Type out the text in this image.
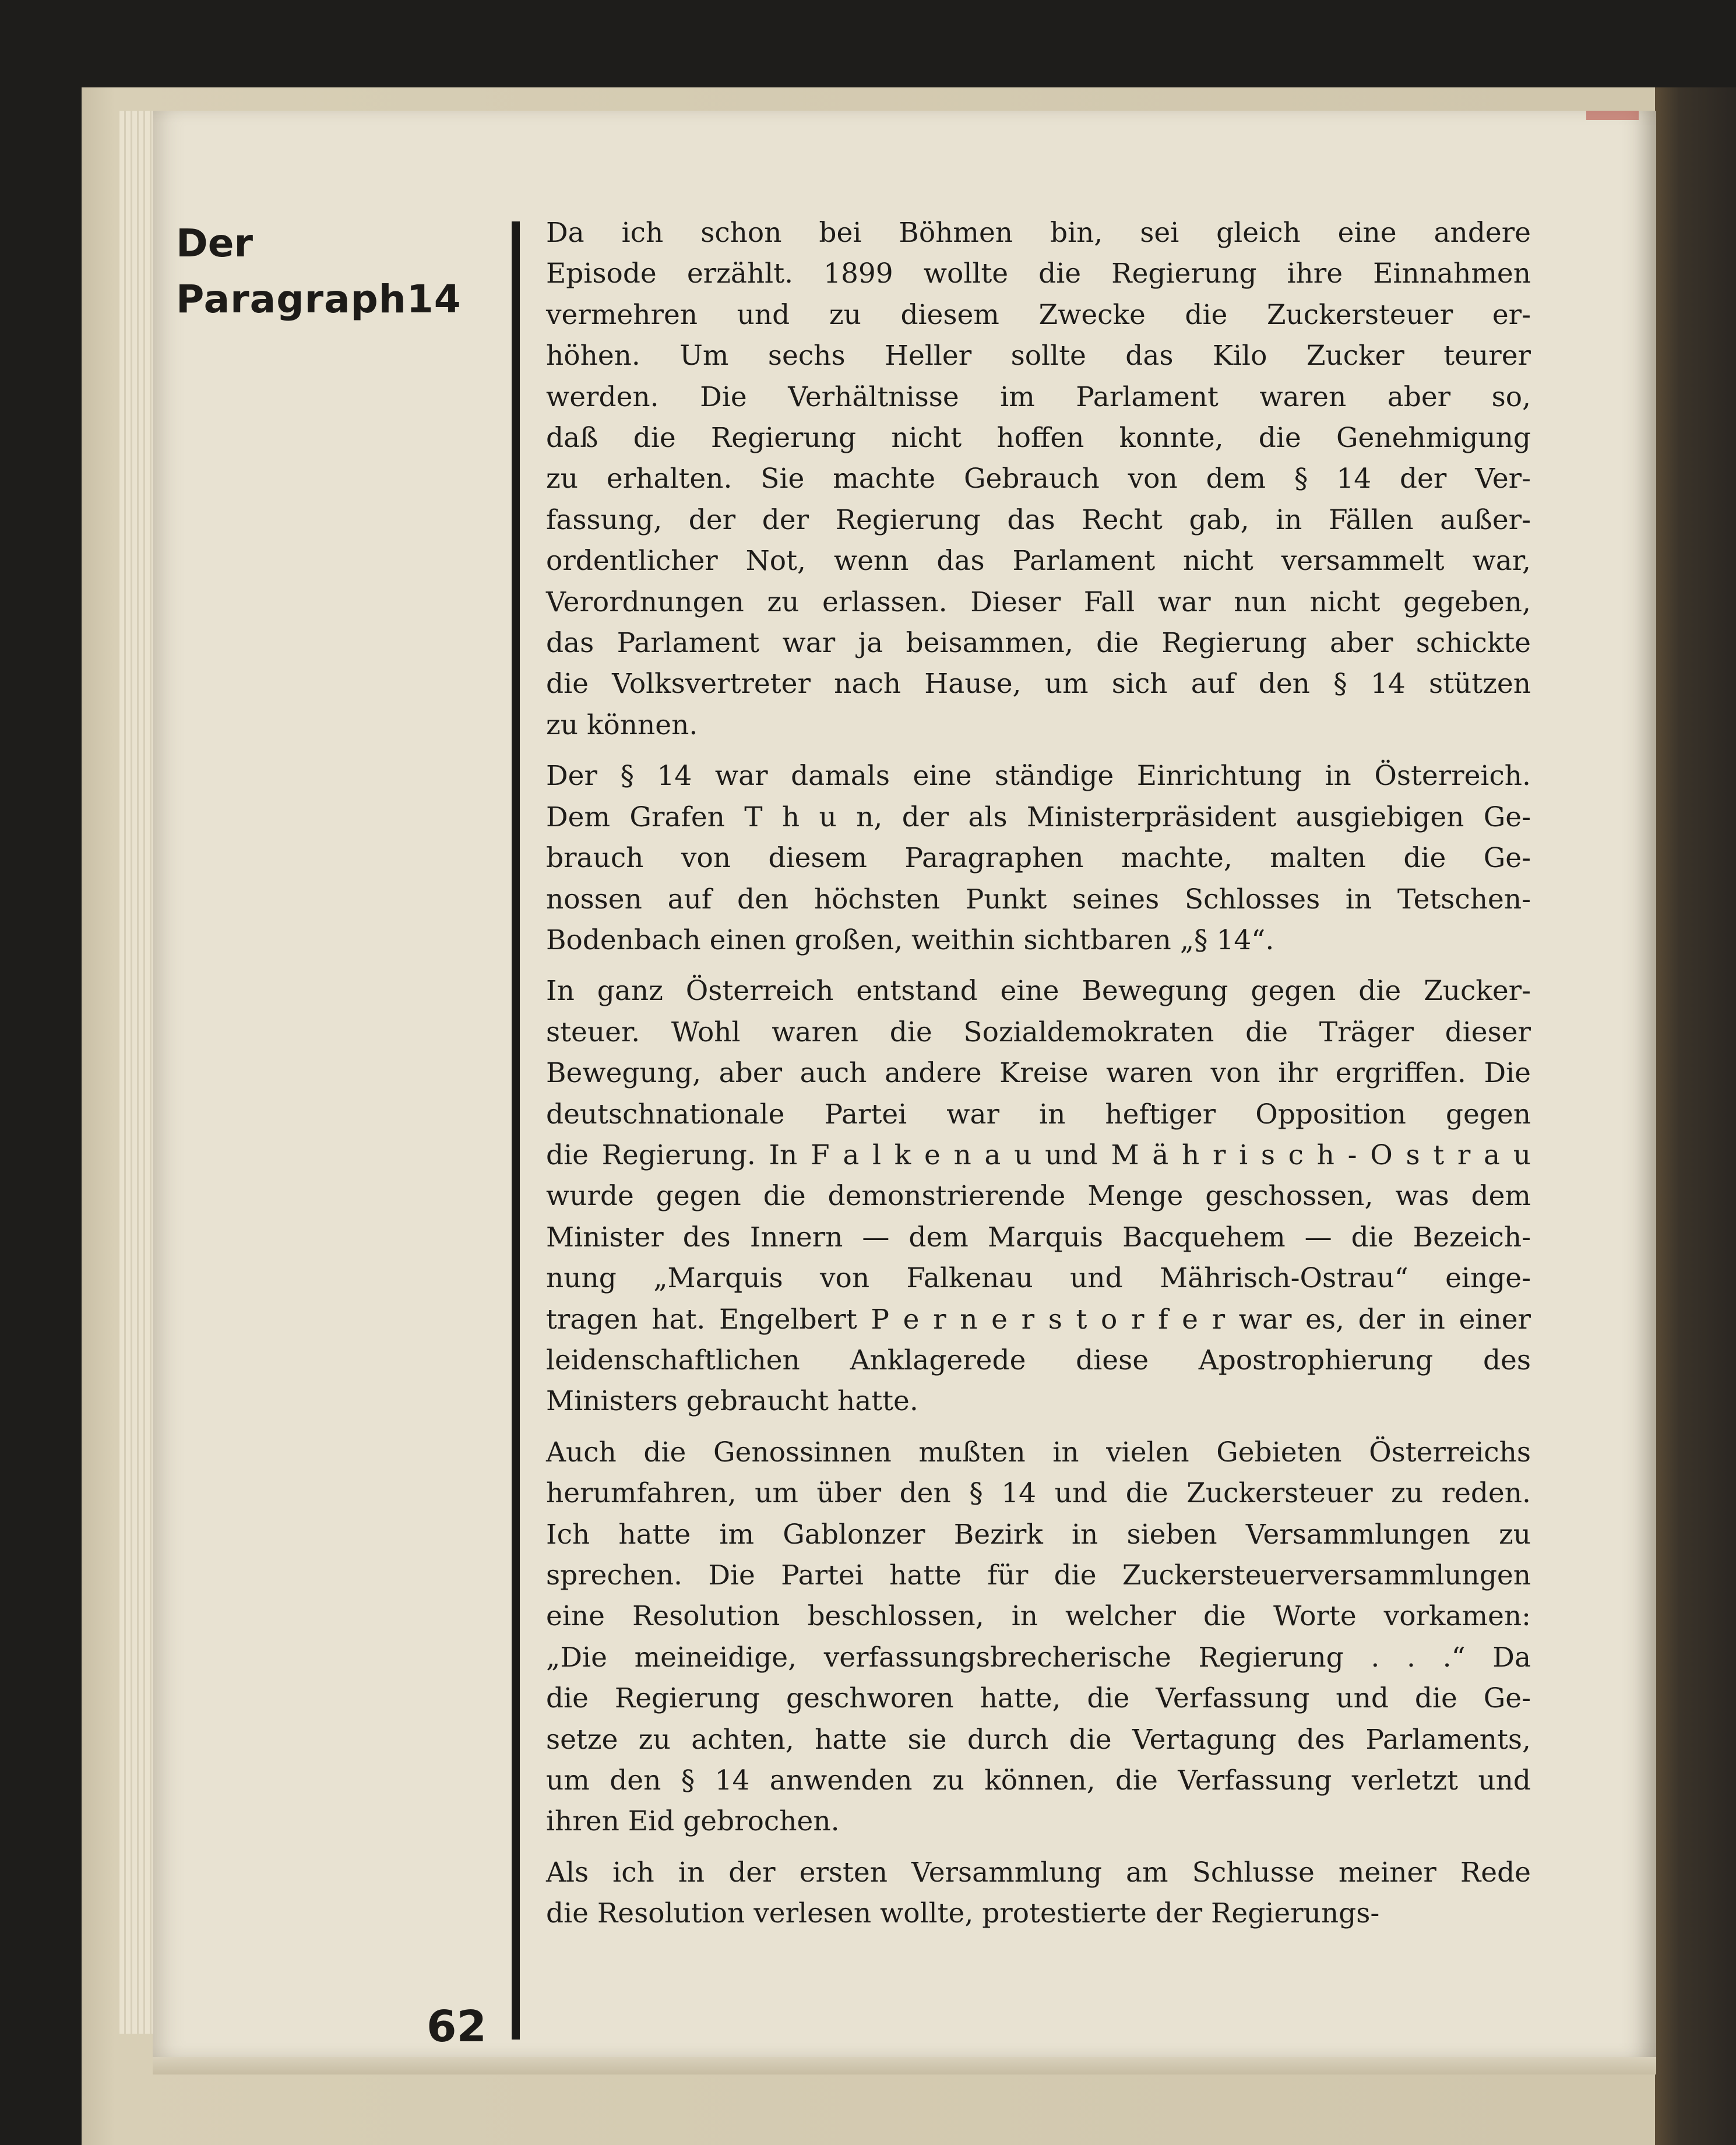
Der
Paragraph14
62

Da ich schon bei Böhmen bin, sei gleich eine andere
Episode erzählt. 1899 wollte die Regierung ihre Einnahmen
vermehren und zu diesem Zwecke die Zuckersteuer er-
höhen. Um sechs Heller sollte das Kilo Zucker teurer
werden. Die Verhältnisse im Parlament waren aber so,
daß die Regierung nicht hoffen konnte, die Genehmigung
zu erhalten. Sie machte Gebrauch von dem § 14 der Ver-
fassung, der der Regierung das Recht gab, in Fällen außer-
ordentlicher Not, wenn das Parlament nicht versammelt war,
Verordnungen zu erlassen. Dieser Fall war nun nicht gegeben,
das Parlament war ja beisammen, die Regierung aber schickte
die Volksvertreter nach Hause, um sich auf den § 14 stützen
zu können.

Der § 14 war damals eine ständige Einrichtung in Österreich.
Dem Grafen T h u n, der als Ministerpräsident ausgiebigen Ge-
brauch von diesem Paragraphen machte, malten die Ge-
nossen auf den höchsten Punkt seines Schlosses in Tetschen-
Bodenbach einen großen, weithin sichtbaren „§ 14“.

In ganz Österreich entstand eine Bewegung gegen die Zucker-
steuer. Wohl waren die Sozialdemokraten die Träger dieser
Bewegung, aber auch andere Kreise waren von ihr ergriffen. Die
deutschnationale Partei war in heftiger Opposition gegen
die Regierung. In F a l k e n a u und M ä h r i s c h - O s t r a u
wurde gegen die demonstrierende Menge geschossen, was dem
Minister des Innern — dem Marquis Bacquehem — die Bezeich-
nung „Marquis von Falkenau und Mährisch-Ostrau“ einge-
tragen hat. Engelbert P e r n e r s t o r f e r war es, der in einer
leidenschaftlichen Anklagerede diese Apostrophierung des
Ministers gebraucht hatte.

Auch die Genossinnen mußten in vielen Gebieten Österreichs
herumfahren, um über den § 14 und die Zuckersteuer zu reden.
Ich hatte im Gablonzer Bezirk in sieben Versammlungen zu
sprechen. Die Partei hatte für die Zuckersteuerversammlungen
eine Resolution beschlossen, in welcher die Worte vorkamen:
„Die meineidige, verfassungsbrecherische Regierung . . .“ Da
die Regierung geschworen hatte, die Verfassung und die Ge-
setze zu achten, hatte sie durch die Vertagung des Parlaments,
um den § 14 anwenden zu können, die Verfassung verletzt und
ihren Eid gebrochen.

Als ich in der ersten Versammlung am Schlusse meiner Rede
die Resolution verlesen wollte, protestierte der Regierungs-
